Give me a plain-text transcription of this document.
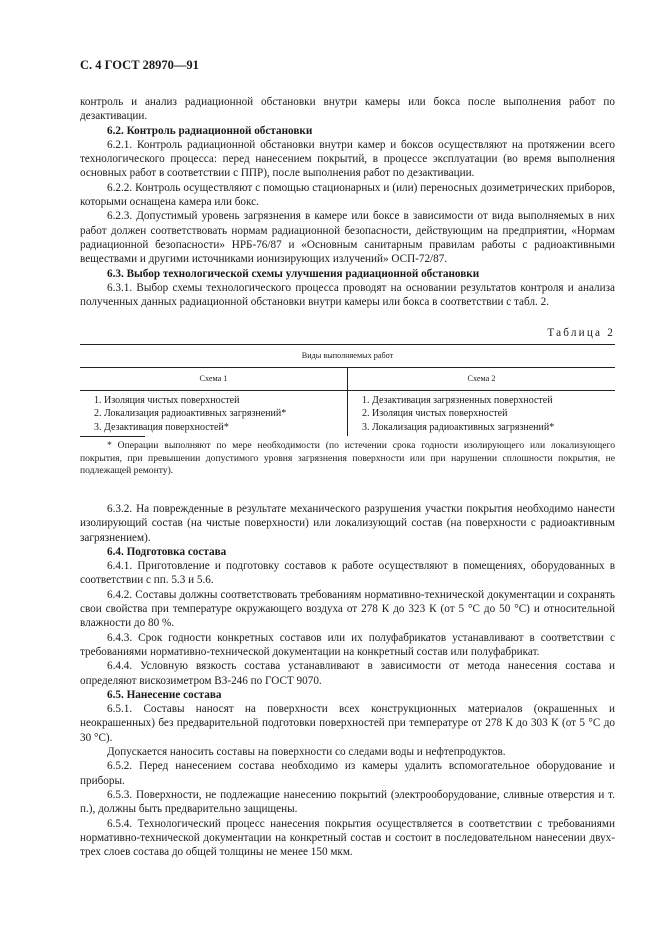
С. 4 ГОСТ 28970—91

контроль и анализ радиационной обстановки внутри камеры или бокса после выполнения работ по дезактивации.

6.2. Контроль радиационной обстановки

6.2.1. Контроль радиационной обстановки внутри камер и боксов осуществляют на протяжении всего технологического процесса: перед нанесением покрытий, в процессе эксплуатации (во время выполнения основных работ в соответствии с ППР), после выполнения работ по дезактивации.

6.2.2. Контроль осуществляют с помощью стационарных и (или) переносных дозиметрических приборов, которыми оснащена камера или бокс.

6.2.3. Допустимый уровень загрязнения в камере или боксе в зависимости от вида выполняемых в них работ должен соответствовать нормам радиационной безопасности, действующим на предприятии, «Нормам радиационной безопасности» НРБ-76/87 и «Основным санитарным правилам работы с радиоактивными веществами и другими источниками ионизирующих излучений» ОСП-72/87.

6.3. Выбор технологической схемы улучшения радиационной обстановки

6.3.1. Выбор схемы технологического процесса проводят на основании результатов контроля и анализа полученных данных радиационной обстановки внутри камеры или бокса в соответствии с табл. 2.

Таблица 2
Виды выполняемых работ
Схема 1
1. Изоляция чистых поверхностей
2. Локализация радиоактивных загрязнений*
3. Дезактивация поверхностей*
Схема 2
1. Дезактивация загрязненных поверхностей
2. Изоляция чистых поверхностей
3. Локализация радиоактивных загрязнений*
* Операции выполняют по мере необходимости (по истечении срока годности изолирующего или локализующего покрытия, при превышении допустимого уровня загрязнения поверхности или при нарушении сплошности покрытия, не подлежащей ремонту).

6.3.2. На поврежденные в результате механического разрушения участки покрытия необходимо нанести изолирующий состав (на чистые поверхности) или локализующий состав (на поверхности с радиоактивным загрязнением).

6.4. Подготовка состава

6.4.1. Приготовление и подготовку составов к работе осуществляют в помещениях, оборудованных в соответствии с пп. 5.3 и 5.6.

6.4.2. Составы должны соответствовать требованиям нормативно-технической документации и сохранять свои свойства при температуре окружающего воздуха от 278 К до 323 К (от 5 °С до 50 °С) и относительной влажности до 80 %.

6.4.3. Срок годности конкретных составов или их полуфабрикатов устанавливают в соответствии с требованиями нормативно-технической документации на конкретный состав или полуфабрикат.

6.4.4. Условную вязкость состава устанавливают в зависимости от метода нанесения состава и определяют вискозиметром ВЗ-246 по ГОСТ 9070.

6.5. Нанесение состава

6.5.1. Составы наносят на поверхности всех конструкционных материалов (окрашенных и неокрашенных) без предварительной подготовки поверхностей при температуре от 278 К до 303 К (от 5 °С до 30 °С).

Допускается наносить составы на поверхности со следами воды и нефтепродуктов.

6.5.2. Перед нанесением состава необходимо из камеры удалить вспомогательное оборудование и приборы.

6.5.3. Поверхности, не подлежащие нанесению покрытий (электрооборудование, сливные отверстия и т. п.), должны быть предварительно защищены.

6.5.4. Технологический процесс нанесения покрытия осуществляется в соответствии с требованиями нормативно-технической документации на конкретный состав и состоит в последовательном нанесении двух-трех слоев состава до общей толщины не менее 150 мкм.
